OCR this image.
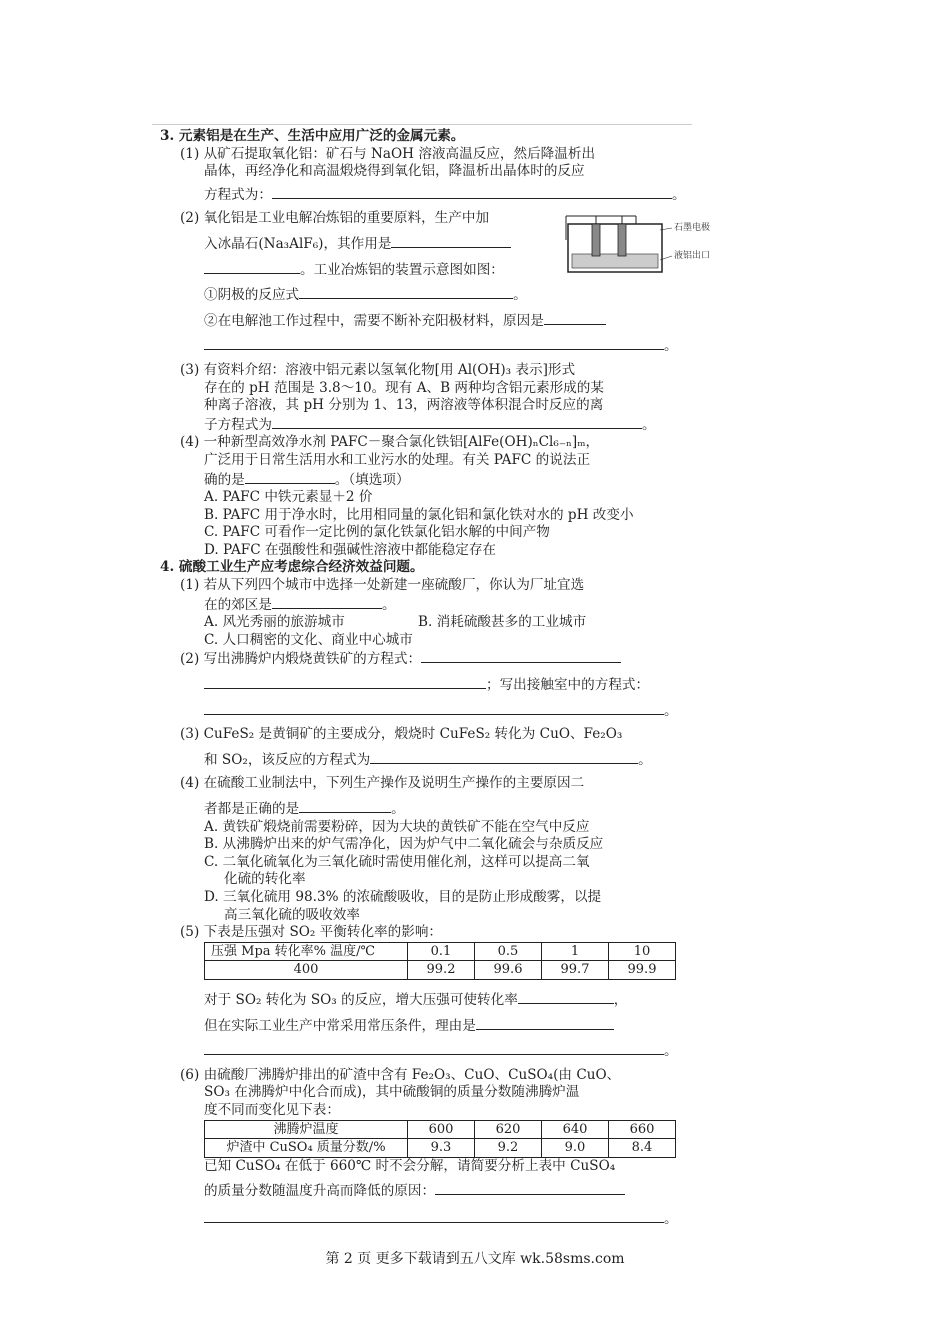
3. 元素铝是在生产、生活中应用广泛的金属元素。
(1) 从矿石提取氧化铝：矿石与 NaOH 溶液高温反应，然后降温析出
晶体，再经净化和高温煅烧得到氧化铝，降温析出晶体时的反应
方程式为：	。
(2) 氧化铝是工业电解冶炼铝的重要原料，生产中加
入冰晶石(Na₃AlF₆)，其作用是
。工业冶炼铝的装置示意图如图：
①阴极的反应式	。
②在电解池工作过程中，需要不断补充阳极材料，原因是
。
(3) 有资料介绍：溶液中铝元素以氢氧化物[用 Al(OH)₃ 表示]形式
存在的 pH 范围是 3.8～10。现有 A、B 两种均含铝元素形成的某
种离子溶液，其 pH 分别为 1、13，两溶液等体积混合时反应的离
子方程式为	。
(4) 一种新型高效净水剂 PAFC－聚合氯化铁铝[AlFe(OH)ₙCl₆₋ₙ]ₘ，
广泛用于日常生活用水和工业污水的处理。有关 PAFC 的说法正
确的是	。（填选项）
A. PAFC 中铁元素显＋2 价
B. PAFC 用于净水时，比用相同量的氯化铝和氯化铁对水的 pH 改变小
C. PAFC 可看作一定比例的氯化铁氯化铝水解的中间产物
D. PAFC 在强酸性和强碱性溶液中都能稳定存在
4. 硫酸工业生产应考虑综合经济效益问题。
(1) 若从下列四个城市中选择一处新建一座硫酸厂，你认为厂址宜选
在的郊区是	。
A. 风光秀丽的旅游城市	B. 消耗硫酸甚多的工业城市
C. 人口稠密的文化、商业中心城市
(2) 写出沸腾炉内煅烧黄铁矿的方程式：
；写出接触室中的方程式：
。
(3) CuFeS₂ 是黄铜矿的主要成分，煅烧时 CuFeS₂ 转化为 CuO、Fe₂O₃
和 SO₂，该反应的方程式为	。
(4) 在硫酸工业制法中，下列生产操作及说明生产操作的主要原因二
者都是正确的是	。
A. 黄铁矿煅烧前需要粉碎，因为大块的黄铁矿不能在空气中反应
B. 从沸腾炉出来的炉气需净化，因为炉气中二氧化硫会与杂质反应
C. 二氧化硫氧化为三氧化硫时需使用催化剂，这样可以提高二氧
化硫的转化率
D. 三氧化硫用 98.3% 的浓硫酸吸收，目的是防止形成酸雾，以提
高三氧化硫的吸收效率
(5) 下表是压强对 SO₂ 平衡转化率的影响：
压强 Mpa 转化率% 温度/℃	0.1	0.5	1	10
400	99.2	99.6	99.7	99.9
对于 SO₂ 转化为 SO₃ 的反应，增大压强可使转化率	，
但在实际工业生产中常采用常压条件，理由是
。
(6) 由硫酸厂沸腾炉排出的矿渣中含有 Fe₂O₃、CuO、CuSO₄(由 CuO、
SO₃ 在沸腾炉中化合而成)，其中硫酸铜的质量分数随沸腾炉温
度不同而变化见下表：
沸腾炉温度	600	620	640	660
炉渣中 CuSO₄ 质量分数/%	9.3	9.2	9.0	8.4
已知 CuSO₄ 在低于 660℃ 时不会分解，请简要分析上表中 CuSO₄
的质量分数随温度升高而降低的原因：
。
石墨电极
液铝出口
第 2 页 更多下载请到五八文库 wk.58sms.com
